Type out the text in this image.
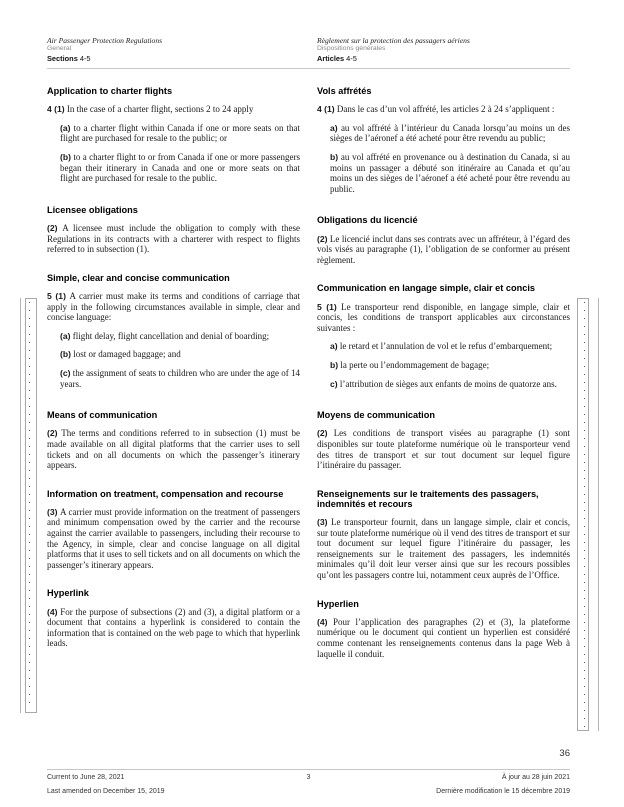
Air Passenger Protection Regulations
General
Sections 4-5
Règlement sur la protection des passagers aériens
Dispositions générales
Articles 4-5
Application to charter flights
4 (1) In the case of a charter flight, sections 2 to 24 apply
(a) to a charter flight within Canada if one or more seats on that flight are purchased for resale to the public; or
(b) to a charter flight to or from Canada if one or more passengers began their itinerary in Canada and one or more seats on that flight are purchased for resale to the public.
Licensee obligations
(2) A licensee must include the obligation to comply with these Regulations in its contracts with a charterer with respect to flights referred to in subsection (1).
Simple, clear and concise communication
5 (1) A carrier must make its terms and conditions of carriage that apply in the following circumstances available in simple, clear and concise language:
(a) flight delay, flight cancellation and denial of boarding;
(b) lost or damaged baggage; and
(c) the assignment of seats to children who are under the age of 14 years.
Means of communication
(2) The terms and conditions referred to in subsection (1) must be made available on all digital platforms that the carrier uses to sell tickets and on all documents on which the passenger’s itinerary appears.
Information on treatment, compensation and recourse
(3) A carrier must provide information on the treatment of passengers and minimum compensation owed by the carrier and the recourse against the carrier available to passengers, including their recourse to the Agency, in simple, clear and concise language on all digital platforms that it uses to sell tickets and on all documents on which the passenger’s itinerary appears.
Hyperlink
(4) For the purpose of subsections (2) and (3), a digital platform or a document that contains a hyperlink is considered to contain the information that is contained on the web page to which that hyperlink leads.
Vols affrétés
4 (1) Dans le cas d’un vol affrété, les articles 2 à 24 s’appliquent :
a) au vol affrété à l’intérieur du Canada lorsqu’au moins un des sièges de l’aéronef a été acheté pour être revendu au public;
b) au vol affrété en provenance ou à destination du Canada, si au moins un passager a débuté son itinéraire au Canada et qu’au moins un des sièges de l’aéronef a été acheté pour être revendu au public.
Obligations du licencié
(2) Le licencié inclut dans ses contrats avec un affréteur, à l’égard des vols visés au paragraphe (1), l’obligation de se conformer au présent règlement.
Communication en langage simple, clair et concis
5 (1) Le transporteur rend disponible, en langage simple, clair et concis, les conditions de transport applicables aux circonstances suivantes :
a) le retard et l’annulation de vol et le refus d’embarquement;
b) la perte ou l’endommagement de bagage;
c) l’attribution de sièges aux enfants de moins de quatorze ans.
Moyens de communication
(2) Les conditions de transport visées au paragraphe (1) sont disponibles sur toute plateforme numérique où le transporteur vend des titres de transport et sur tout document sur lequel figure l’itinéraire du passager.
Renseignements sur le traitements des passagers, indemnités et recours
(3) Le transporteur fournit, dans un langage simple, clair et concis, sur toute plateforme numérique où il vend des titres de transport et sur tout document sur lequel figure l’itinéraire du passager, les renseignements sur le traitement des passagers, les indemnités minimales qu’il doit leur verser ainsi que sur les recours possibles qu’ont les passagers contre lui, notamment ceux auprès de l’Office.
Hyperlien
(4) Pour l’application des paragraphes (2) et (3), la plateforme numérique ou le document qui contient un hyperlien est considéré comme contenant les renseignements contenus dans la page Web à laquelle il conduit.
36
Current to June 28, 2021	3	À jour au 28 juin 2021
Last amended on December 15, 2019	Dernière modification le 15 décembre 2019
